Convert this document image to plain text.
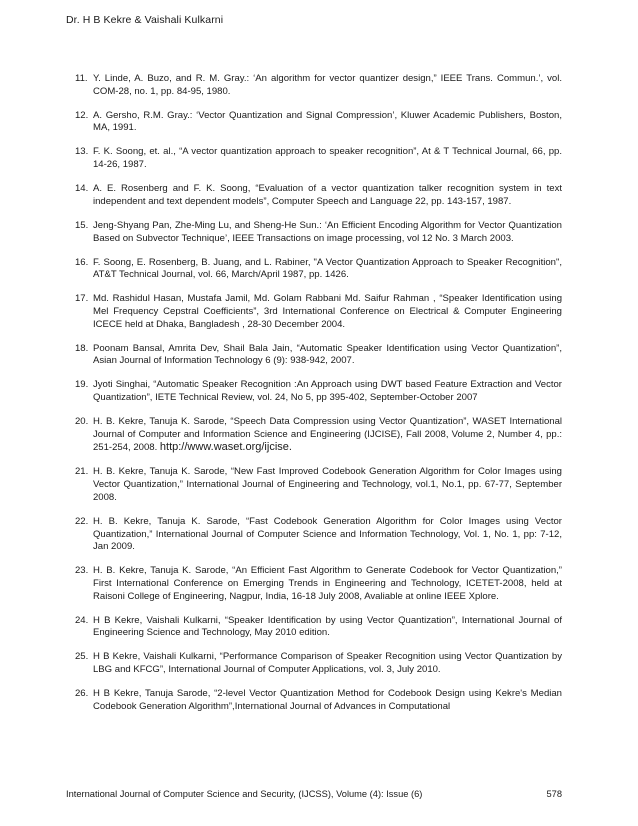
Dr. H B Kekre & Vaishali Kulkarni
11. Y. Linde, A. Buzo, and R. M. Gray.: ‘An algorithm for vector quantizer design,” IEEE Trans. Commun.’, vol. COM-28, no. 1, pp. 84-95, 1980.
12. A. Gersho, R.M. Gray.: ‘Vector Quantization and Signal Compression’, Kluwer Academic Publishers, Boston, MA, 1991.
13. F. K. Soong, et. al., “A vector quantization approach to speaker recognition”, At & T Technical Journal, 66, pp. 14-26, 1987.
14. A. E. Rosenberg and F. K. Soong, “Evaluation of a vector quantization talker recognition system in text independent and text dependent models”, Computer Speech and Language 22, pp. 143-157, 1987.
15. Jeng-Shyang Pan, Zhe-Ming Lu, and Sheng-He Sun.: ‘An Efficient Encoding Algorithm for Vector Quantization Based on Subvector Technique’, IEEE Transactions on image processing, vol 12 No. 3 March 2003.
16. F. Soong, E. Rosenberg, B. Juang, and L. Rabiner, "A Vector Quantization Approach to Speaker Recognition", AT&T Technical Journal, vol. 66, March/April 1987, pp. 1426.
17. Md. Rashidul Hasan, Mustafa Jamil, Md. Golam Rabbani Md. Saifur Rahman , “Speaker Identification using Mel Frequency Cepstral Coefficients”, 3rd International Conference on Electrical & Computer Engineering ICECE held at Dhaka, Bangladesh , 28-30 December 2004.
18. Poonam Bansal, Amrita Dev, Shail Bala Jain, “Automatic Speaker Identification using Vector Quantization”, Asian Journal of Information Technology 6 (9): 938-942, 2007.
19. Jyoti Singhai, “Automatic Speaker Recognition :An Approach using DWT based Feature Extraction and Vector Quantization”, IETE Technical Review, vol. 24, No 5, pp 395-402, September-October 2007
20. H. B. Kekre, Tanuja K. Sarode, “Speech Data Compression using Vector Quantization”, WASET International Journal of Computer and Information Science and Engineering (IJCISE), Fall 2008, Volume 2, Number 4, pp.: 251-254, 2008. http://www.waset.org/ijcise.
21. H. B. Kekre, Tanuja K. Sarode, “New Fast Improved Codebook Generation Algorithm for Color Images using Vector Quantization,” International Journal of Engineering and Technology, vol.1, No.1, pp. 67-77, September 2008.
22. H. B. Kekre, Tanuja K. Sarode, “Fast Codebook Generation Algorithm for Color Images using Vector Quantization,” International Journal of Computer Science and Information Technology, Vol. 1, No. 1, pp: 7-12, Jan 2009.
23. H. B. Kekre, Tanuja K. Sarode, “An Efficient Fast Algorithm to Generate Codebook for Vector Quantization,” First International Conference on Emerging Trends in Engineering and Technology, ICETET-2008, held at Raisoni College of Engineering, Nagpur, India, 16-18 July 2008, Avaliable at online IEEE Xplore.
24. H B Kekre, Vaishali Kulkarni, “Speaker Identification by using Vector Quantization”, International Journal of Engineering Science and Technology, May 2010 edition.
25. H B Kekre, Vaishali Kulkarni, “Performance Comparison of Speaker Recognition using Vector Quantization by LBG and KFCG”, International Journal of Computer Applications, vol. 3, July 2010.
26. H B Kekre, Tanuja Sarode, “2-level Vector Quantization Method for Codebook Design using Kekre's Median Codebook Generation Algorithm”,International Journal of Advances in Computational
International Journal of Computer Science and Security, (IJCSS), Volume (4): Issue (6)	578
